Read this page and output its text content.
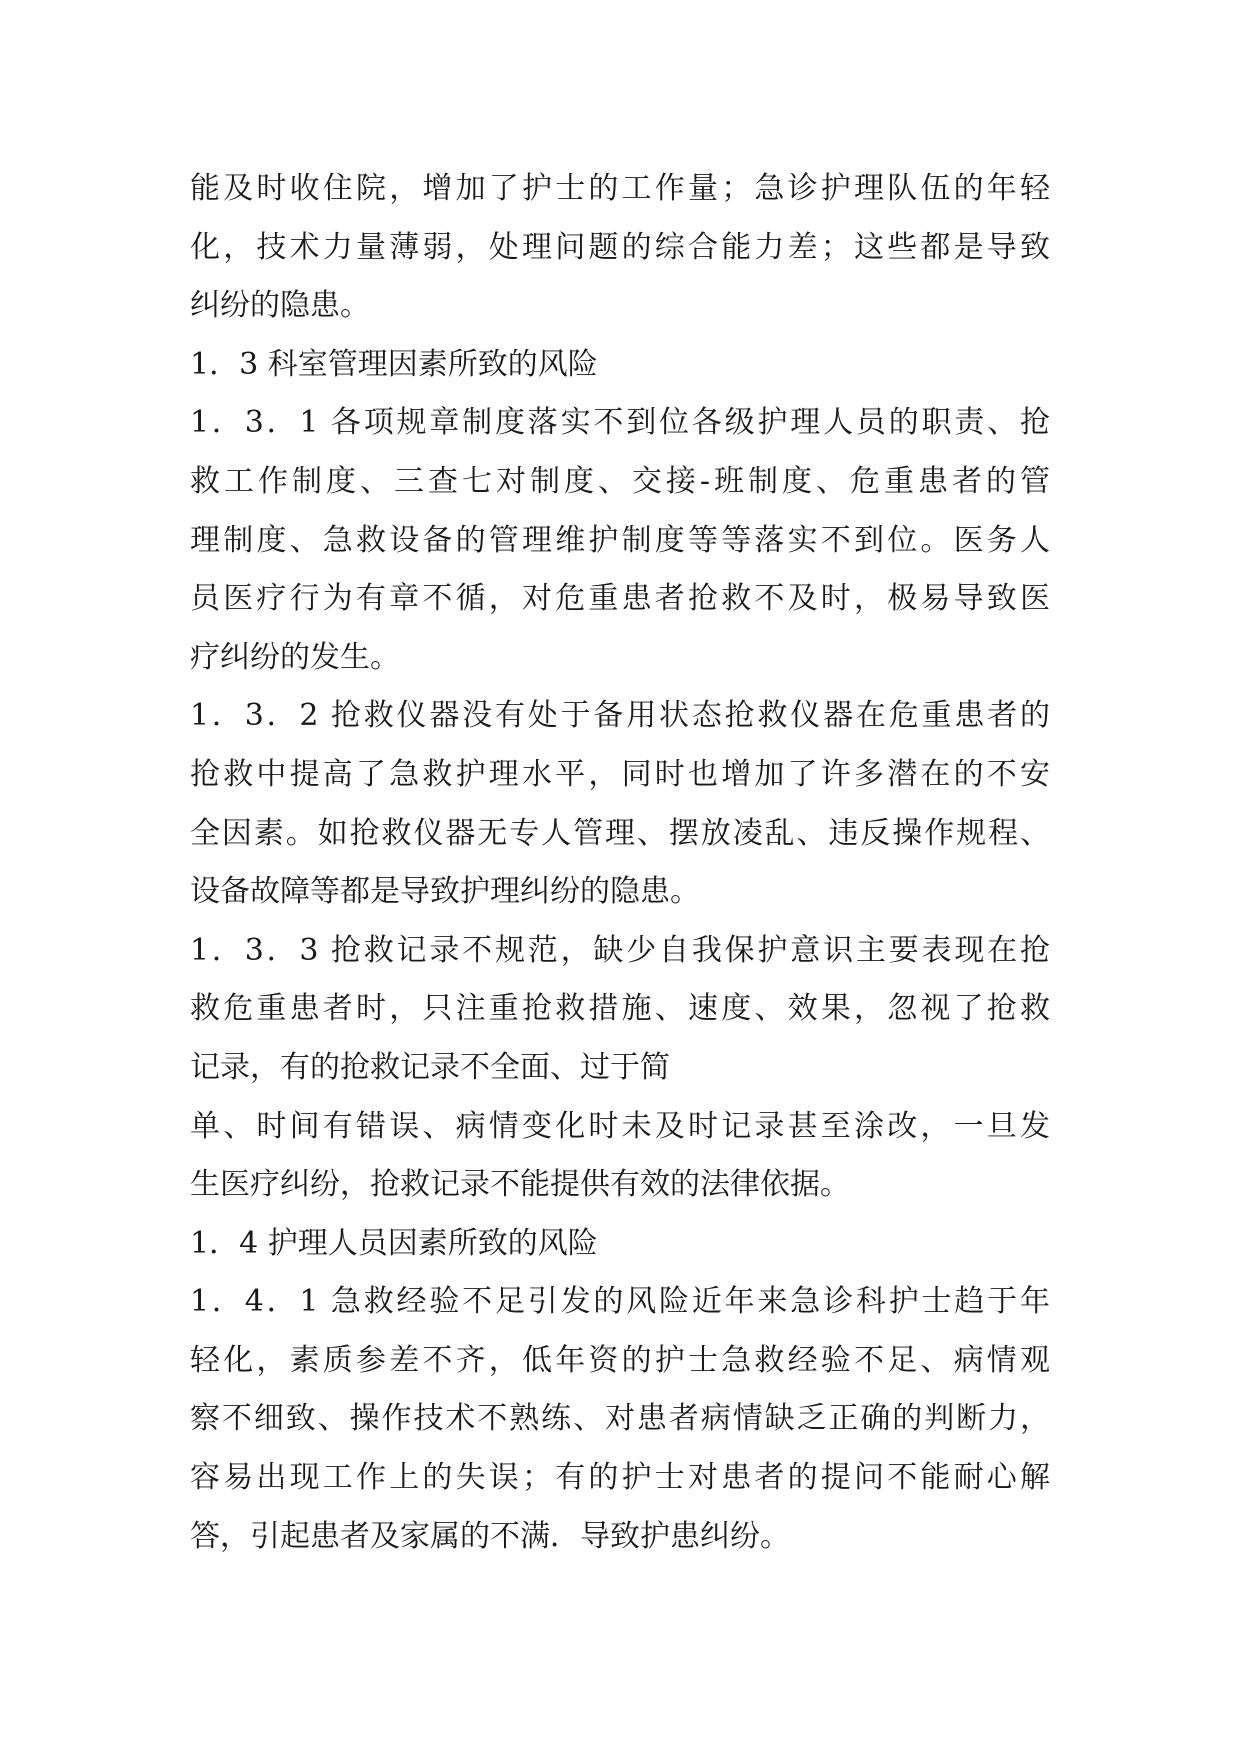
能及时收住院，增加了护士的工作量；急诊护理队伍的年轻
化，技术力量薄弱，处理问题的综合能力差；这些都是导致
纠纷的隐患。
1．3 科室管理因素所致的风险
1．3．1 各项规章制度落实不到位各级护理人员的职责、抢
救工作制度、三查七对制度、交接-班制度、危重患者的管
理制度、急救设备的管理维护制度等等落实不到位。医务人
员医疗行为有章不循，对危重患者抢救不及时，极易导致医
疗纠纷的发生。
1．3．2 抢救仪器没有处于备用状态抢救仪器在危重患者的
抢救中提高了急救护理水平，同时也增加了许多潜在的不安
全因素。如抢救仪器无专人管理、摆放凌乱、违反操作规程、
设备故障等都是导致护理纠纷的隐患。
1．3．3 抢救记录不规范，缺少自我保护意识主要表现在抢
救危重患者时，只注重抢救措施、速度、效果，忽视了抢救
记录，有的抢救记录不全面、过于简
单、时间有错误、病情变化时未及时记录甚至涂改，一旦发
生医疗纠纷，抢救记录不能提供有效的法律依据。
1．4 护理人员因素所致的风险
1．4．1 急救经验不足引发的风险近年来急诊科护士趋于年
轻化，素质参差不齐，低年资的护士急救经验不足、病情观
察不细致、操作技术不熟练、对患者病情缺乏正确的判断力，
容易出现工作上的失误；有的护士对患者的提问不能耐心解
答，引起患者及家属的不满．导致护患纠纷。
